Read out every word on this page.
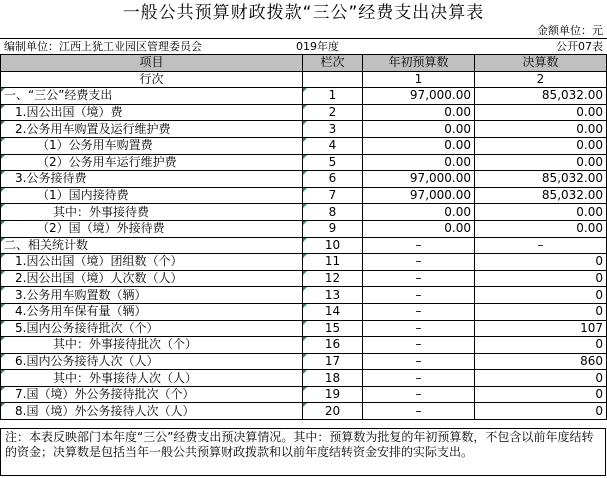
一般公共预算财政拨款“三公”经费支出决算表
金额单位：元
编制单位：江西上犹工业园区管理委员会	019年度	公开07表
项目	栏次	年初预算数	决算数
行次		1	2
一、“三公”经费支出	1	97,000.00	85,032.00
1.因公出国（境）费	2	0.00	0.00
2.公务用车购置及运行维护费	3	0.00	0.00
（1）公务用车购置费	4	0.00	0.00
（2）公务用车运行维护费	5	0.00	0.00
3.公务接待费	6	97,000.00	85,032.00
（1）国内接待费	7	97,000.00	85,032.00
其中：外事接待费	8	0.00	0.00
（2）国（境）外接待费	9	0.00	0.00
二、相关统计数	10	–	–
1.因公出国（境）团组数（个）	11	–	0
2.因公出国（境）人次数（人）	12	–	0
3.公务用车购置数（辆）	13	–	0
4.公务用车保有量（辆）	14	–	0
5.国内公务接待批次（个）	15	–	107
其中：外事接待批次（个）	16	–	0
6.国内公务接待人次（人）	17	–	860
其中：外事接待人次（人）	18	–	0
7.国（境）外公务接待批次（个）	19	–	0
8.国（境）外公务接待人次（人）	20	–	0
注：本表反映部门本年度“三公”经费支出预决算情况。其中：预算数为批复的年初预算数，不包含以前年度结转的资金；决算数是包括当年一般公共预算财政拨款和以前年度结转资金安排的实际支出。
